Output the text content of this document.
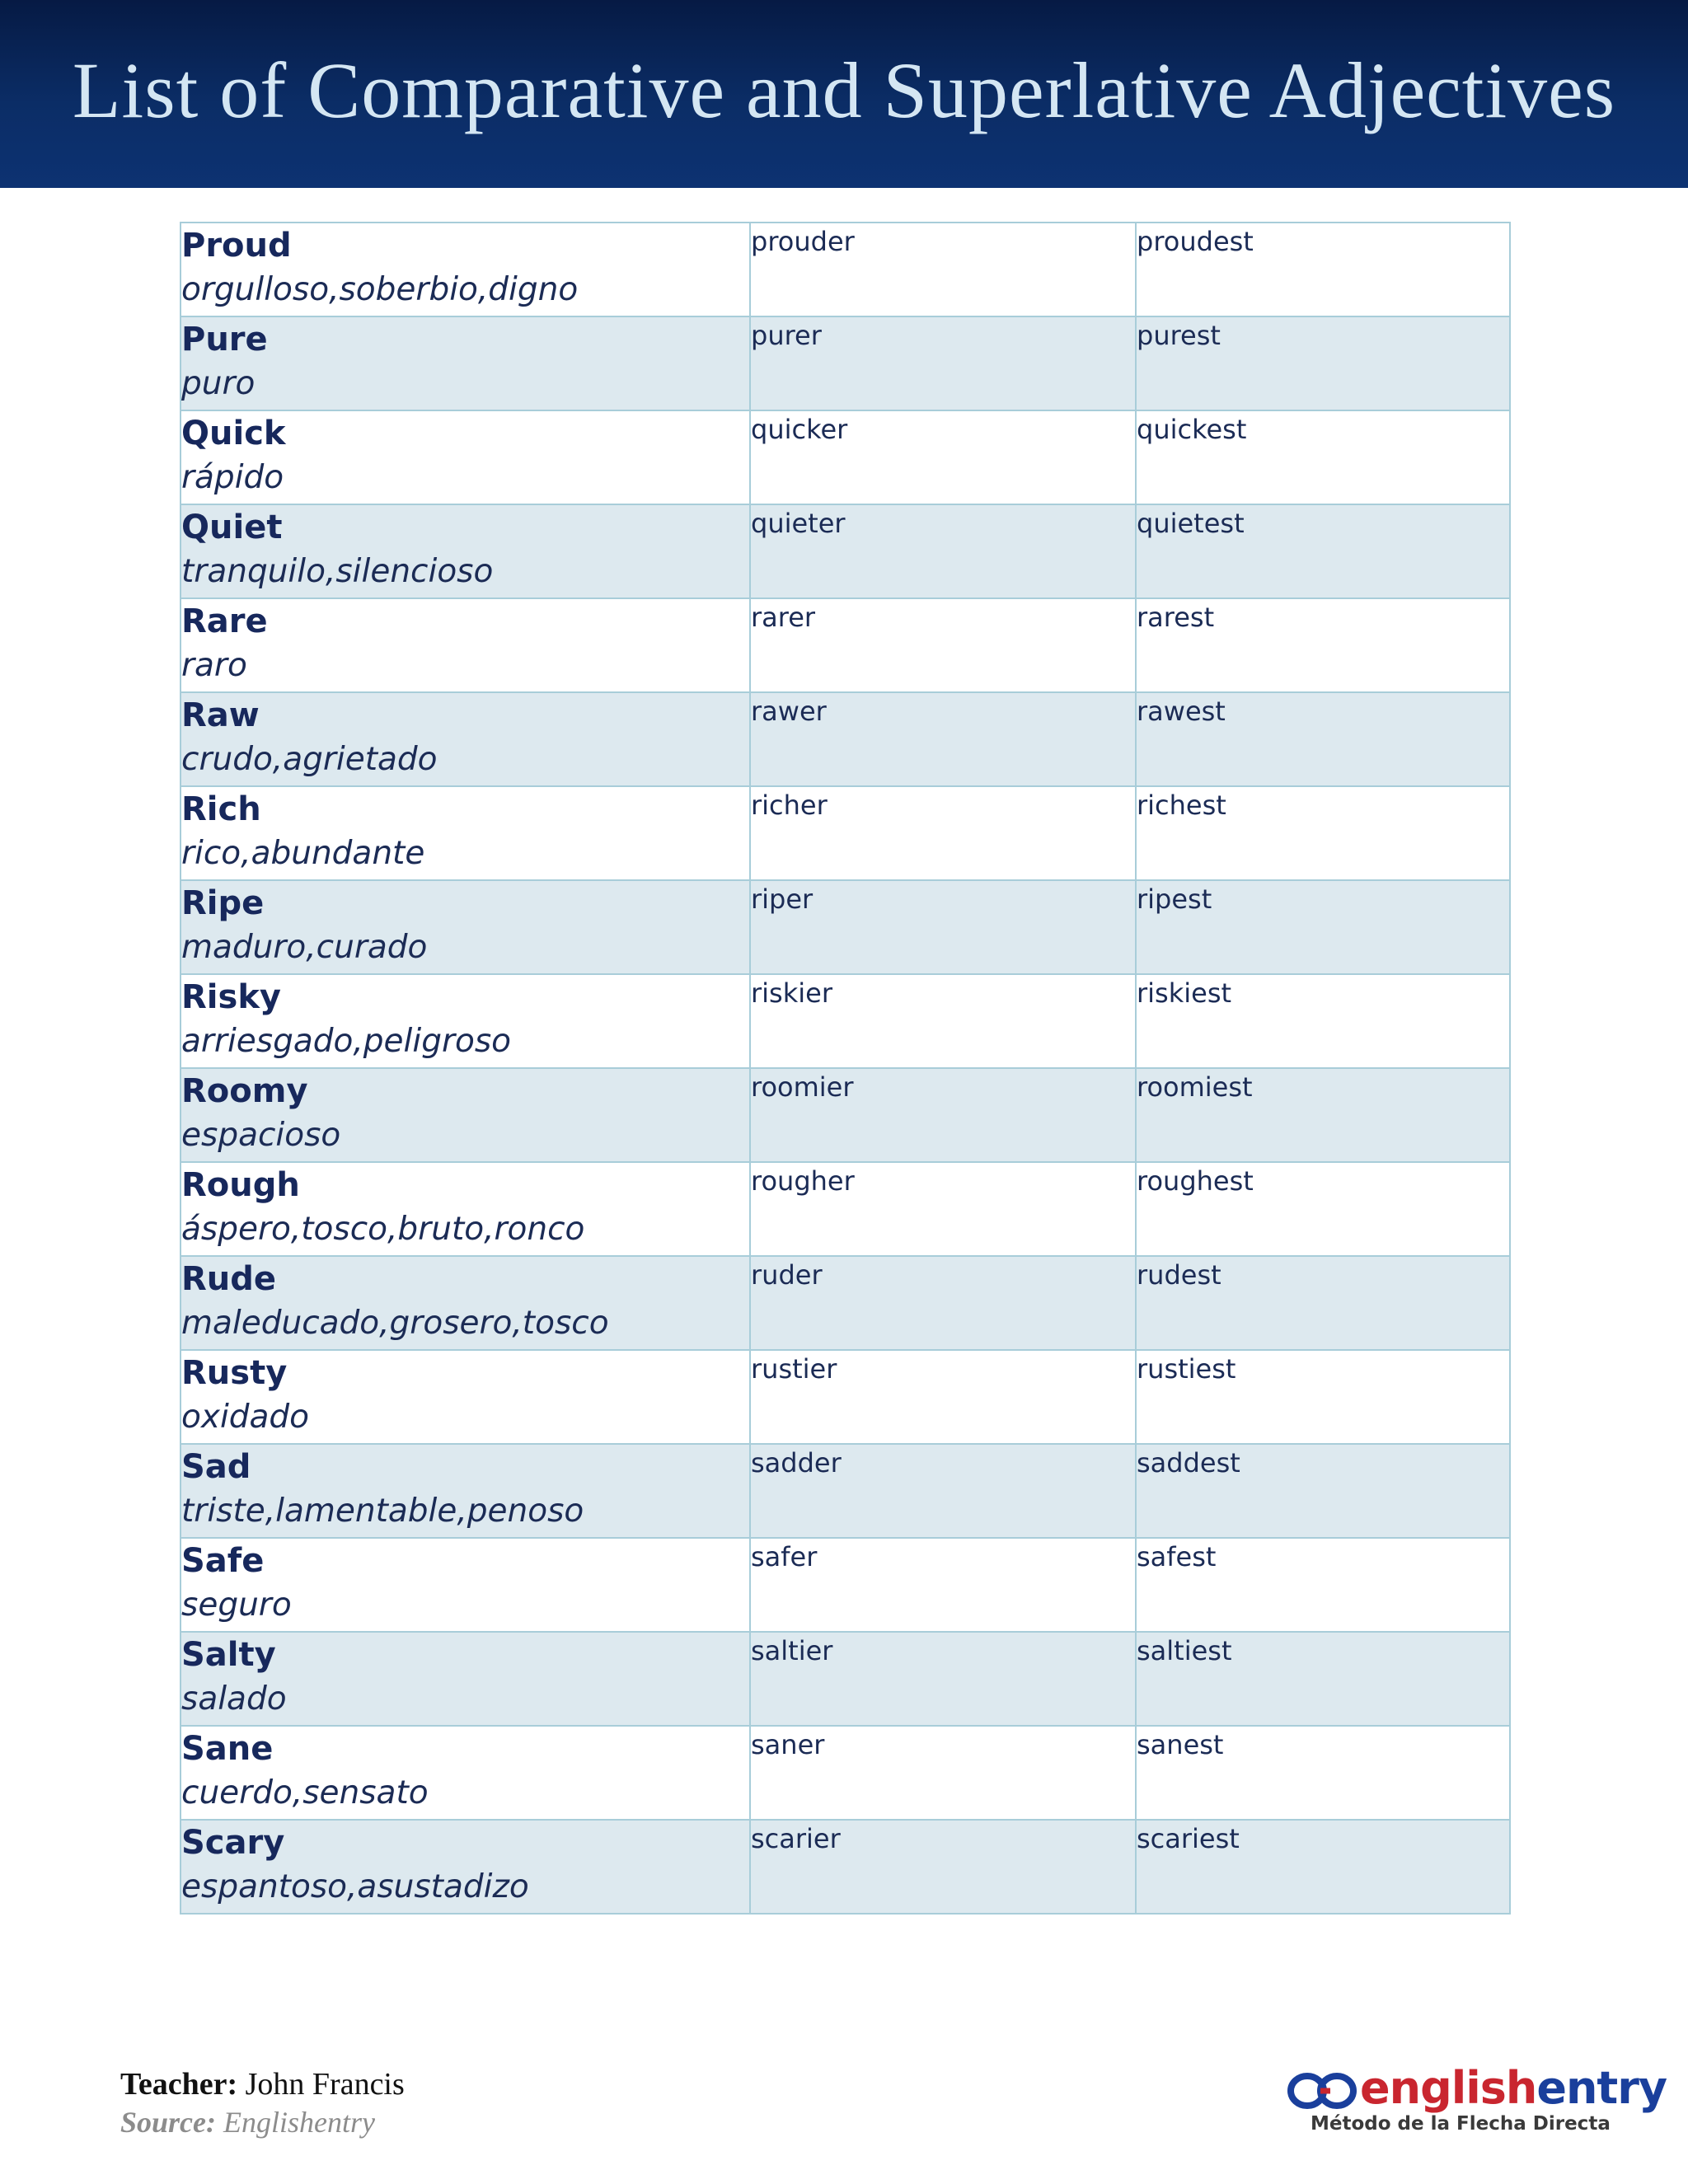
List of Comparative and Superlative Adjectives
Proud
orgulloso,soberbio,digno	prouder	proudest

Pure
puro	purer	purest

Quick
rápido	quicker	quickest

Quiet
tranquilo,silencioso	quieter	quietest

Rare
raro	rarer	rarest

Raw
crudo,agrietado	rawer	rawest

Rich
rico,abundante	richer	richest

Ripe
maduro,curado	riper	ripest

Risky
arriesgado,peligroso	riskier	riskiest

Roomy
espacioso	roomier	roomiest

Rough
áspero,tosco,bruto,ronco	rougher	roughest

Rude
maleducado,grosero,tosco	ruder	rudest

Rusty
oxidado	rustier	rustiest

Sad
triste,lamentable,penoso	sadder	saddest

Safe
seguro	safer	safest

Salty
salado	saltier	saltiest

Sane
cuerdo,sensato	saner	sanest

Scary
espantoso,asustadizo	scarier	scariest
Teacher: John Francis
Source: Englishentry
englishentry
Método de la Flecha Directa
